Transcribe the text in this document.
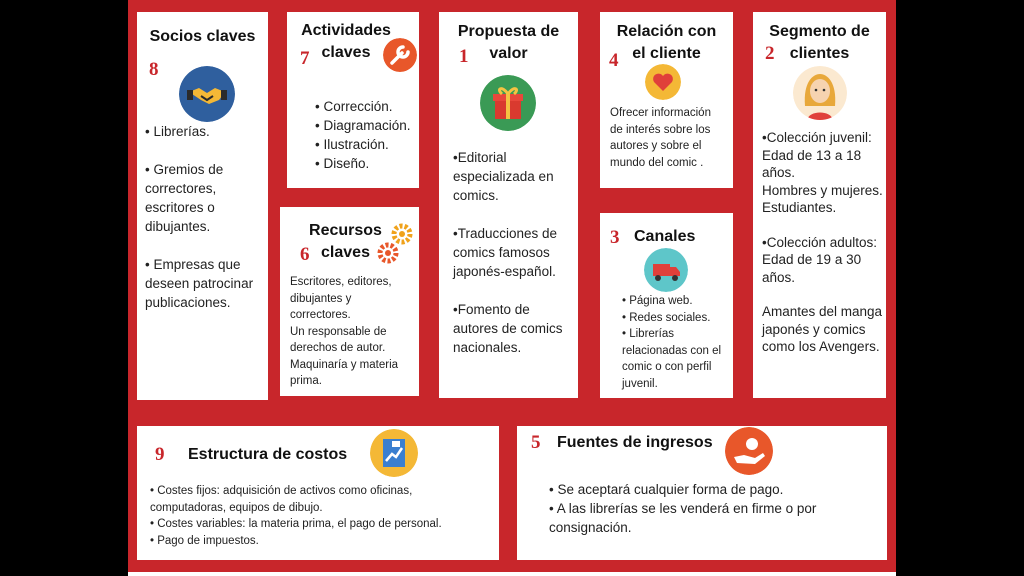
Socios claves
8
• Librerías.
• Gremios de correctores, escritores o dibujantes.
• Empresas que deseen patrocinar publicaciones.
Actividades
claves
7
• Corrección.
• Diagramación.
• Ilustración.
• Diseño.
Recursos
claves
6
Escritores, editores, dibujantes y correctores.
Un responsable de derechos de autor.
Maquinaría y materia prima.
Propuesta de
valor
1
•Editorial especializada en comics.
•Traducciones de comics famosos japonés-español.
•Fomento de autores de comics nacionales.
Relación con
el cliente
4
Ofrecer información de interés sobre los autores y sobre el mundo del comic .
3 Canales
• Página web.
• Redes sociales.
• Librerías relacionadas con el comic o con perfil juvenil.
Segmento de
clientes
2
•Colección juvenil: Edad de 13 a 18 años.
Hombres y mujeres. Estudiantes.
•Colección adultos: Edad de 19 a 30 años.
Amantes del manga japonés y comics como los Avengers.
9 Estructura de costos
• Costes fijos: adquisición de activos como oficinas, computadoras, equipos de dibujo.
• Costes variables: la materia prima, el pago de personal.
• Pago de impuestos.
5 Fuentes de ingresos
• Se aceptará cualquier forma de pago.
• A las librerías se les venderá en firme o por consignación.
